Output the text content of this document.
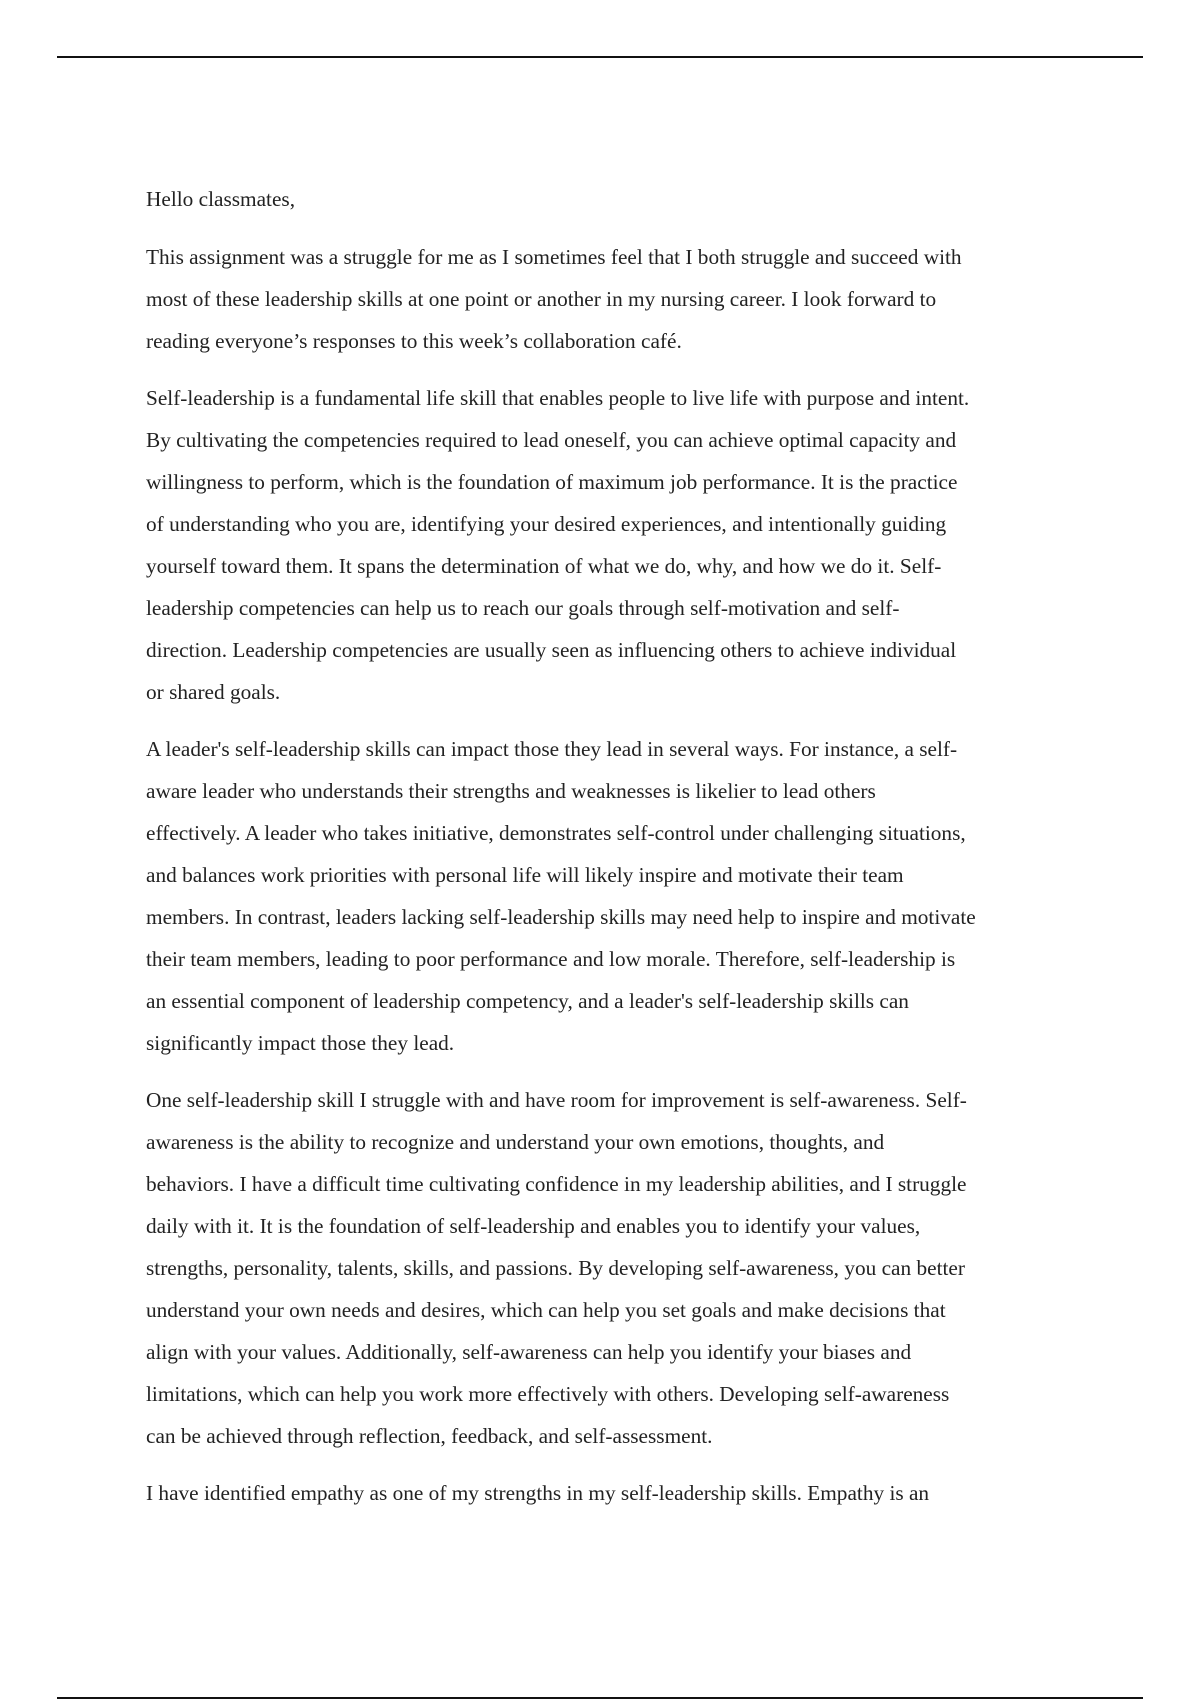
Hello classmates,

This assignment was a struggle for me as I sometimes feel that I both struggle and succeed with
most of these leadership skills at one point or another in my nursing career. I look forward to
reading everyone’s responses to this week’s collaboration café.

Self-leadership is a fundamental life skill that enables people to live life with purpose and intent.
By cultivating the competencies required to lead oneself, you can achieve optimal capacity and
willingness to perform, which is the foundation of maximum job performance. It is the practice
of understanding who you are, identifying your desired experiences, and intentionally guiding
yourself toward them. It spans the determination of what we do, why, and how we do it. Self-
leadership competencies can help us to reach our goals through self-motivation and self-
direction. Leadership competencies are usually seen as influencing others to achieve individual
or shared goals.

A leader's self-leadership skills can impact those they lead in several ways. For instance, a self-
aware leader who understands their strengths and weaknesses is likelier to lead others
effectively. A leader who takes initiative, demonstrates self-control under challenging situations,
and balances work priorities with personal life will likely inspire and motivate their team
members. In contrast, leaders lacking self-leadership skills may need help to inspire and motivate
their team members, leading to poor performance and low morale. Therefore, self-leadership is
an essential component of leadership competency, and a leader's self-leadership skills can
significantly impact those they lead.

One self-leadership skill I struggle with and have room for improvement is self-awareness. Self-
awareness is the ability to recognize and understand your own emotions, thoughts, and
behaviors. I have a difficult time cultivating confidence in my leadership abilities, and I struggle
daily with it. It is the foundation of self-leadership and enables you to identify your values,
strengths, personality, talents, skills, and passions. By developing self-awareness, you can better
understand your own needs and desires, which can help you set goals and make decisions that
align with your values. Additionally, self-awareness can help you identify your biases and
limitations, which can help you work more effectively with others. Developing self-awareness
can be achieved through reflection, feedback, and self-assessment.

I have identified empathy as one of my strengths in my self-leadership skills. Empathy is an
